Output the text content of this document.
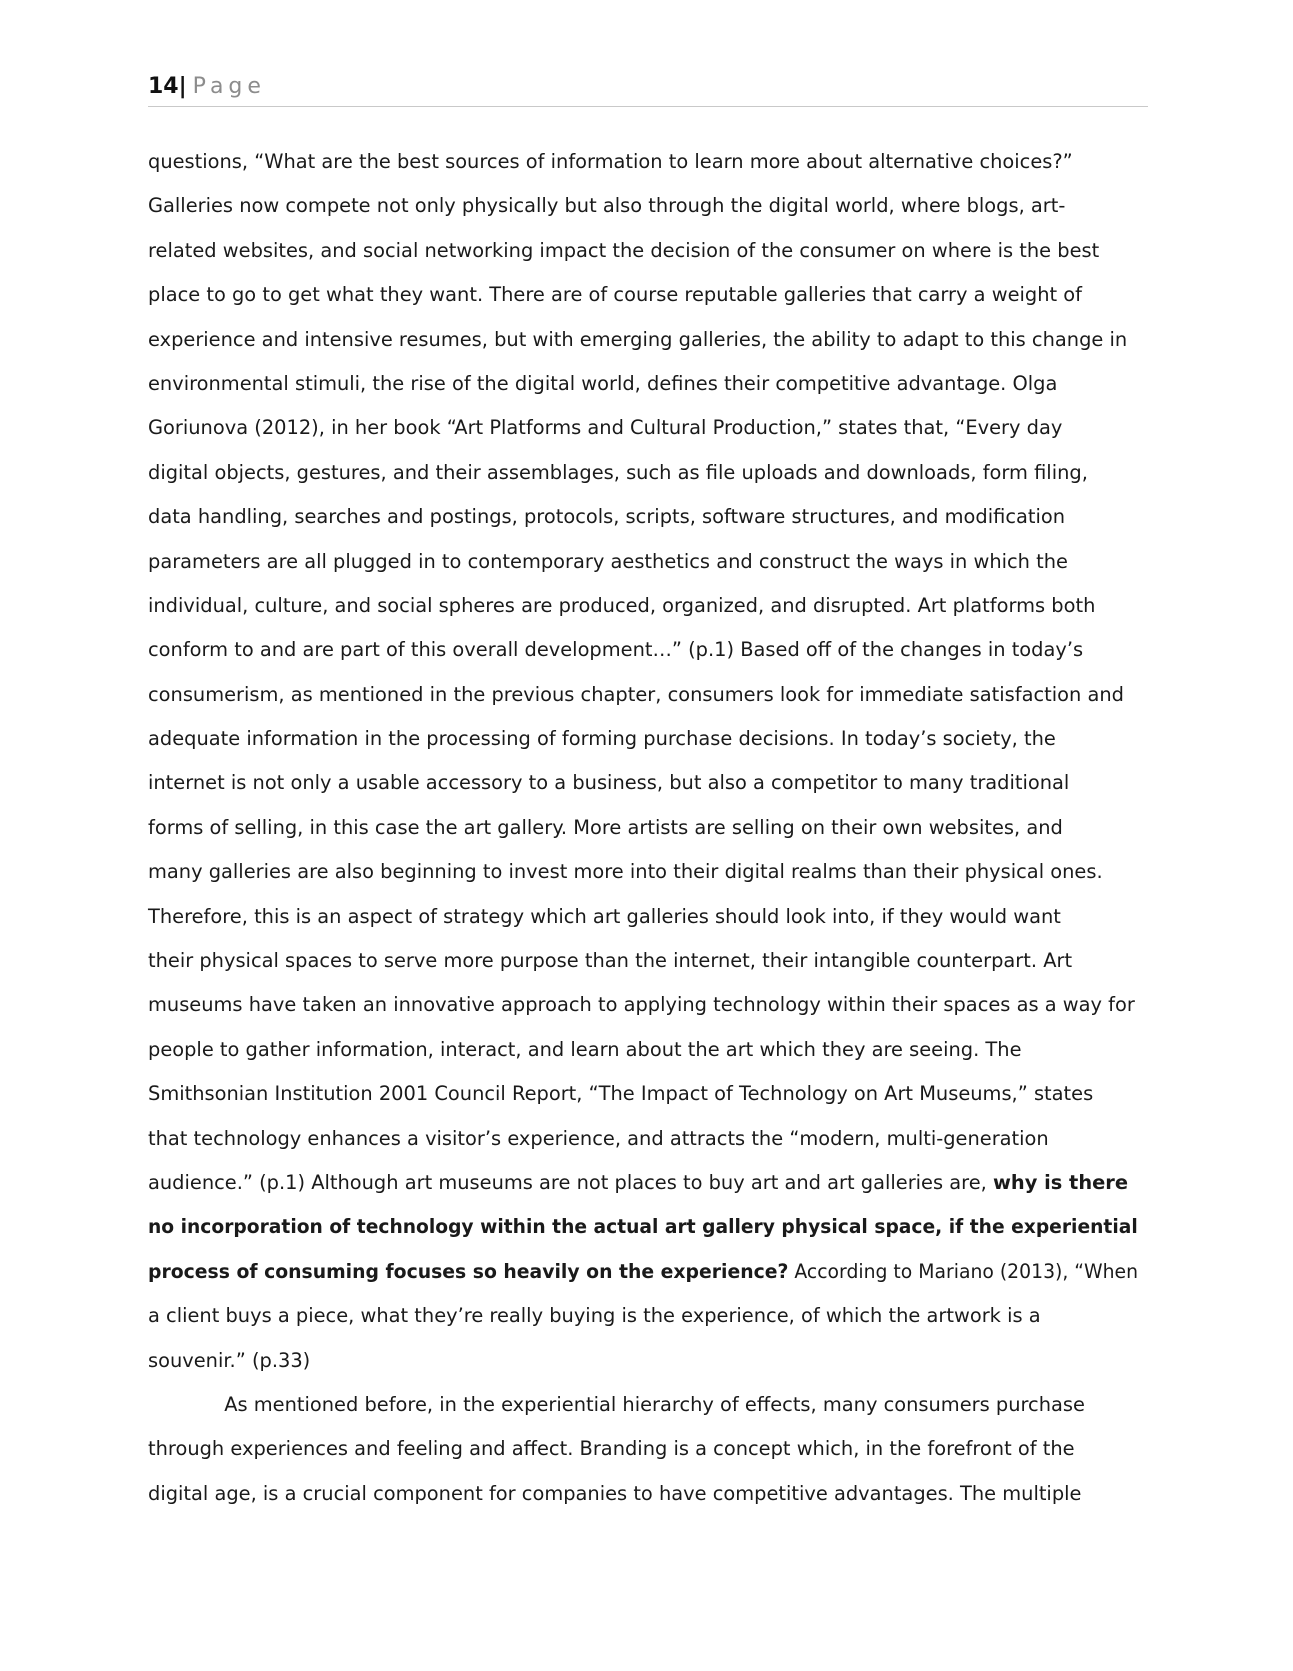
14| Page
questions, “What are the best sources of information to learn more about alternative choices?”
Galleries now compete not only physically but also through the digital world, where blogs, art-
related websites, and social networking impact the decision of the consumer on where is the best
place to go to get what they want. There are of course reputable galleries that carry a weight of
experience and intensive resumes, but with emerging galleries, the ability to adapt to this change in
environmental stimuli, the rise of the digital world, defines their competitive advantage. Olga
Goriunova (2012), in her book “Art Platforms and Cultural Production,” states that, “Every day
digital objects, gestures, and their assemblages, such as file uploads and downloads, form filing,
data handling, searches and postings, protocols, scripts, software structures, and modification
parameters are all plugged in to contemporary aesthetics and construct the ways in which the
individual, culture, and social spheres are produced, organized, and disrupted. Art platforms both
conform to and are part of this overall development…” (p.1) Based off of the changes in today’s
consumerism, as mentioned in the previous chapter, consumers look for immediate satisfaction and
adequate information in the processing of forming purchase decisions. In today’s society, the
internet is not only a usable accessory to a business, but also a competitor to many traditional
forms of selling, in this case the art gallery. More artists are selling on their own websites, and
many galleries are also beginning to invest more into their digital realms than their physical ones.
Therefore, this is an aspect of strategy which art galleries should look into, if they would want
their physical spaces to serve more purpose than the internet, their intangible counterpart. Art
museums have taken an innovative approach to applying technology within their spaces as a way for
people to gather information, interact, and learn about the art which they are seeing. The
Smithsonian Institution 2001 Council Report, “The Impact of Technology on Art Museums,” states
that technology enhances a visitor’s experience, and attracts the “modern, multi-generation
audience.” (p.1) Although art museums are not places to buy art and art galleries are, why is there
no incorporation of technology within the actual art gallery physical space, if the experiential
process of consuming focuses so heavily on the experience? According to Mariano (2013), “When
a client buys a piece, what they’re really buying is the experience, of which the artwork is a
souvenir.” (p.33)
As mentioned before, in the experiential hierarchy of effects, many consumers purchase
through experiences and feeling and affect. Branding is a concept which, in the forefront of the
digital age, is a crucial component for companies to have competitive advantages. The multiple
